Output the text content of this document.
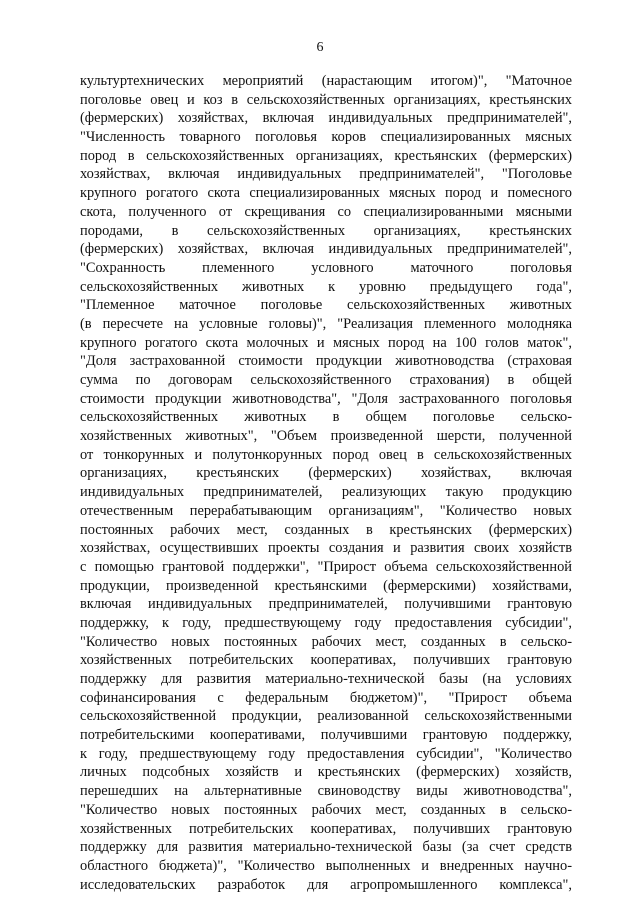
6
культуртехнических мероприятий (нарастающим итогом)", "Маточное
поголовье овец и коз в сельскохозяйственных организациях, крестьянских
(фермерских) хозяйствах, включая индивидуальных предпринимателей",
"Численность товарного поголовья коров специализированных мясных
пород в сельскохозяйственных организациях, крестьянских (фермерских)
хозяйствах, включая индивидуальных предпринимателей", "Поголовье
крупного рогатого скота специализированных мясных пород и помесного
скота, полученного от скрещивания со специализированными мясными
породами, в сельскохозяйственных организациях, крестьянских
(фермерских) хозяйствах, включая индивидуальных предпринимателей",
"Сохранность племенного условного маточного поголовья
сельскохозяйственных животных к уровню предыдущего года",
"Племенное маточное поголовье сельскохозяйственных животных
(в пересчете на условные головы)", "Реализация племенного молодняка
крупного рогатого скота молочных и мясных пород на 100 голов маток",
"Доля застрахованной стоимости продукции животноводства (страховая
сумма по договорам сельскохозяйственного страхования) в общей
стоимости продукции животноводства", "Доля застрахованного поголовья
сельскохозяйственных животных в общем поголовье сельско-
хозяйственных животных", "Объем произведенной шерсти, полученной
от тонкорунных и полутонкорунных пород овец в сельскохозяйственных
организациях, крестьянских (фермерских) хозяйствах, включая
индивидуальных предпринимателей, реализующих такую продукцию
отечественным перерабатывающим организациям", "Количество новых
постоянных рабочих мест, созданных в крестьянских (фермерских)
хозяйствах, осуществивших проекты создания и развития своих хозяйств
с помощью грантовой поддержки", "Прирост объема сельскохозяйственной
продукции, произведенной крестьянскими (фермерскими) хозяйствами,
включая индивидуальных предпринимателей, получившими грантовую
поддержку, к году, предшествующему году предоставления субсидии",
"Количество новых постоянных рабочих мест, созданных в сельско-
хозяйственных потребительских кооперативах, получивших грантовую
поддержку для развития материально-технической базы (на условиях
софинансирования с федеральным бюджетом)", "Прирост объема
сельскохозяйственной продукции, реализованной сельскохозяйственными
потребительскими кооперативами, получившими грантовую поддержку,
к году, предшествующему году предоставления субсидии", "Количество
личных подсобных хозяйств и крестьянских (фермерских) хозяйств,
перешедших на альтернативные свиноводству виды животноводства",
"Количество новых постоянных рабочих мест, созданных в сельско-
хозяйственных потребительских кооперативах, получивших грантовую
поддержку для развития материально-технической базы (за счет средств
областного бюджета)", "Количество выполненных и внедренных научно-
исследовательских разработок для агропромышленного комплекса",
